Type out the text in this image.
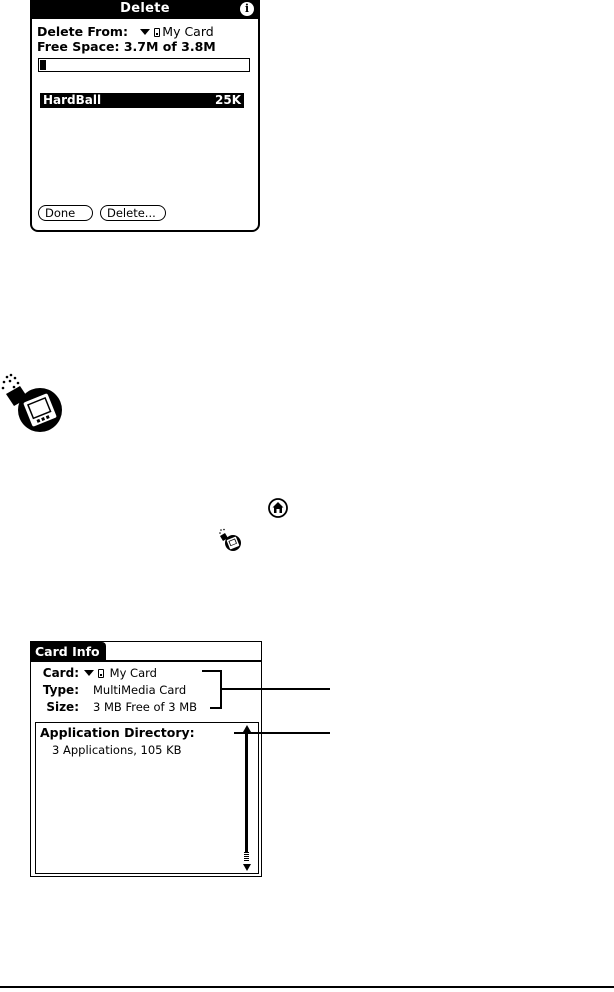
Delete	i
Delete From:	My Card
Free Space: 3.7M of 3.8M
HardBall	25K
Done	Delete...
Card Info
Card:	My Card
Type: MultiMedia Card
Size: 3 MB Free of 3 MB
Application Directory:
3 Applications, 105 KB
